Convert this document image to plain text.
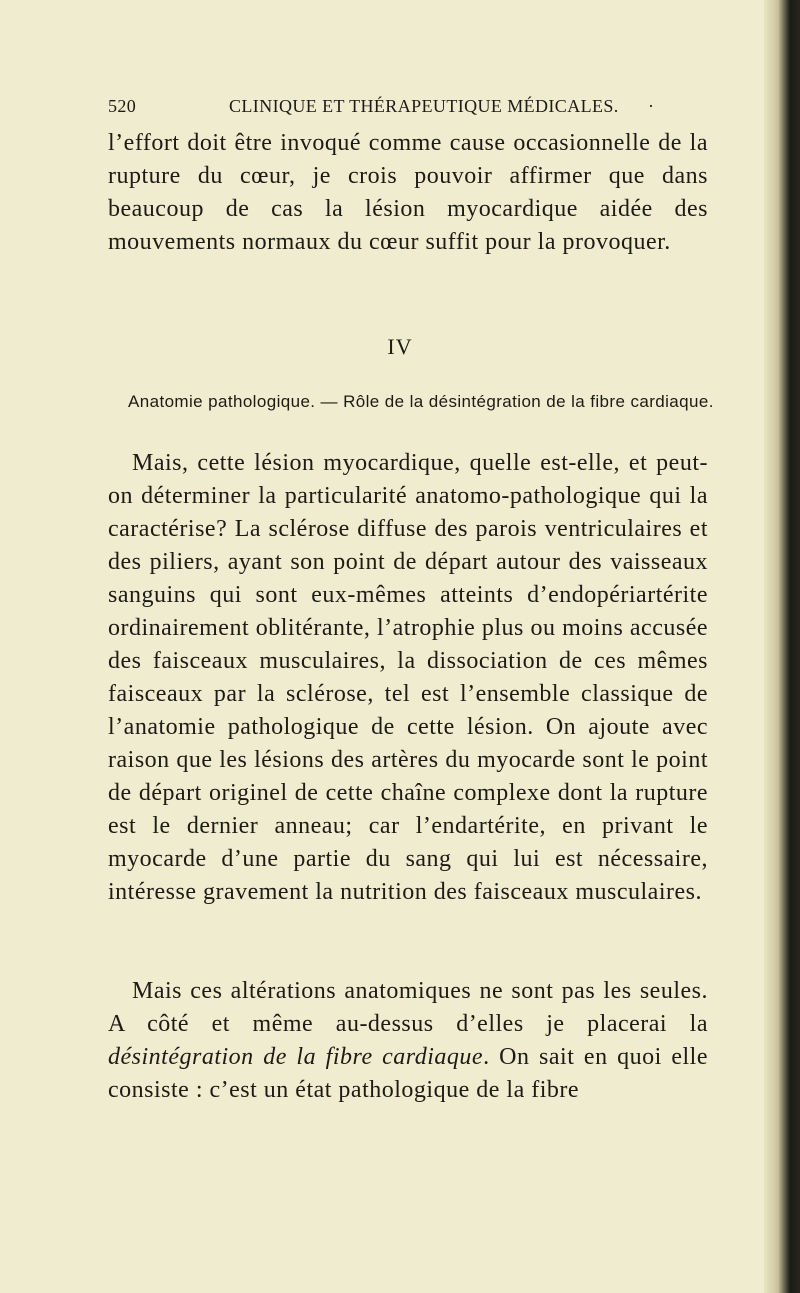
520	CLINIQUE ET THÉRAPEUTIQUE MÉDICALES. ·

l’effort doit être invoqué comme cause occasionnelle de la rupture du cœur, je crois pouvoir affirmer que dans beaucoup de cas la lésion myocardique aidée des mouvements normaux du cœur suffit pour la provoquer.

IV

Anatomie pathologique. — Rôle de la désintégration de la fibre cardiaque.

Mais, cette lésion myocardique, quelle est-elle, et peut-on déterminer la particularité anatomo-pathologique qui la caractérise? La sclérose diffuse des parois ventriculaires et des piliers, ayant son point de départ autour des vaisseaux sanguins qui sont eux-mêmes atteints d’endopériartérite ordinairement oblitérante, l’atrophie plus ou moins accusée des faisceaux musculaires, la dissociation de ces mêmes faisceaux par la sclérose, tel est l’ensemble classique de l’anatomie pathologique de cette lésion. On ajoute avec raison que les lésions des artères du myocarde sont le point de départ originel de cette chaîne complexe dont la rupture est le dernier anneau; car l’endartérite, en privant le myocarde d’une partie du sang qui lui est nécessaire, intéresse gravement la nutrition des faisceaux musculaires.

Mais ces altérations anatomiques ne sont pas les seules. A côté et même au-dessus d’elles je placerai la désintégration de la fibre cardiaque. On sait en quoi elle consiste : c’est un état pathologique de la fibre
